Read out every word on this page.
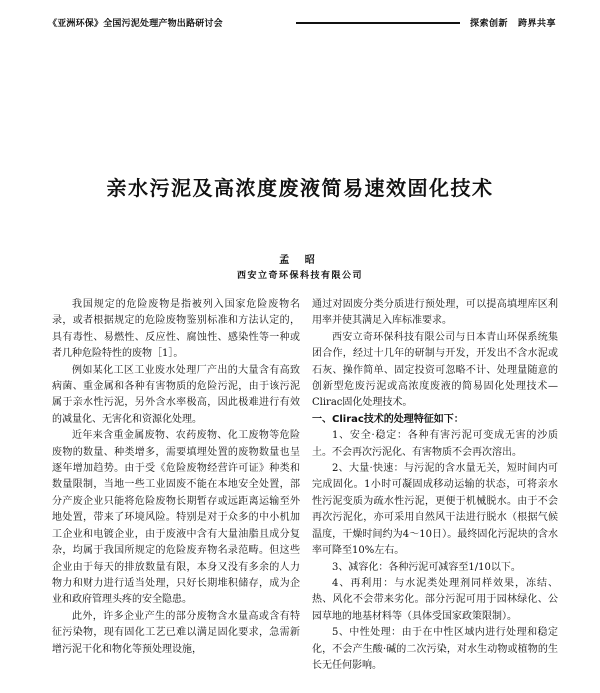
《亚洲环保》全国污泥处理产物出路研讨会	探索创新 跨界共享
亲水污泥及高浓度废液简易速效固化技术
孟 昭
西安立奇环保科技有限公司

我国规定的危险废物是指被列入国家危险废物名录，或者根据规定的危险废物鉴别标准和方法认定的，具有毒性、易燃性、反应性、腐蚀性、感染性等一种或者几种危险特性的废物［1］。

例如某化工区工业废水处理厂产出的大量含有高致病菌、重金属和各种有害物质的危险污泥，由于该污泥属于亲水性污泥，另外含水率极高，因此极难进行有效的减量化、无害化和资源化处理。

近年来含重金属废物、农药废物、化工废物等危险废物的数量、种类增多，需要填埋处置的废物数量也呈逐年增加趋势。由于受《危险废物经营许可证》种类和数量限制，当地一些工业固废不能在本地安全处置，部分产废企业只能将危险废物长期暂存或远距离运输至外地处置，带来了环境风险。特别是对于众多的中小机加工企业和电镀企业，由于废液中含有大量油脂且成分复杂，均属于我国所规定的危险废弃物名录范畴。但这些企业由于每天的排放数量有限，本身又没有多余的人力物力和财力进行适当处理，只好长期堆积储存，成为企业和政府管理头疼的安全隐患。

此外，许多企业产生的部分废物含水量高或含有特征污染物，现有固化工艺已难以满足固化要求，急需新增污泥干化和物化等预处理设施，

通过对固废分类分质进行预处理，可以提高填埋库区利用率并使其满足入库标准要求。

西安立奇环保科技有限公司与日本青山环保系统集团合作，经过十几年的研制与开发，开发出不含水泥或石灰、操作简单、固定投资可忽略不计、处理量随意的创新型危废污泥或高浓度废液的简易固化处理技术—Clirac固化处理技术。

一、Clirac技术的处理特征如下：

1、安全·稳定：各种有害污泥可变成无害的沙质土。不会再次污泥化、有害物质不会再次溶出。

2、大量·快速：与污泥的含水量无关，短时间内可完成固化。1小时可凝固成移动运输的状态，可将亲水性污泥变质为疏水性污泥，更便于机械脱水。由于不会再次污泥化，亦可采用自然风干法进行脱水（根据气候温度，干燥时间约为4～10日）。最终固化污泥块的含水率可降至10%左右。

3、减容化：各种污泥可减容至1/10以下。

4、再利用：与水泥类处理剂同样效果，冻结、热、风化不会带来劣化。部分污泥可用于园林绿化、公园草地的地基材料等（具体受国家政策限制）。

5、中性处理：由于在中性区域内进行处理和稳定化，不会产生酸·碱的二次污染，对水生动物或植物的生长无任何影响。
